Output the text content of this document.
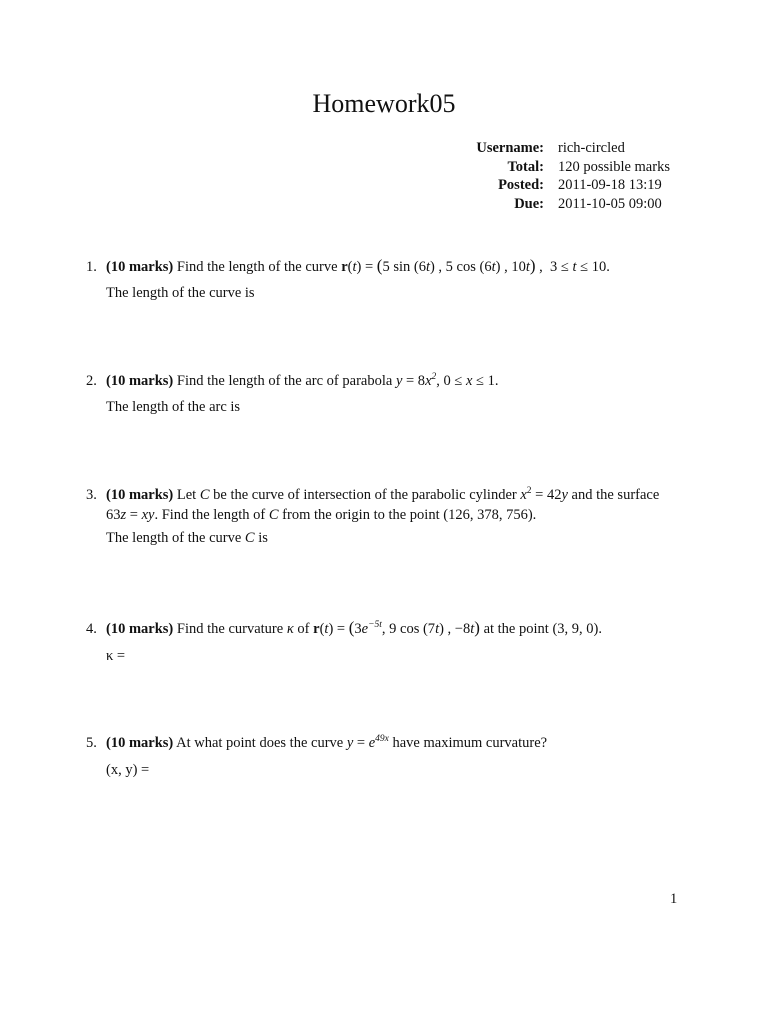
Homework05
Username:	rich-circled
Total:	120 possible marks
Posted:	2011-09-18 13:19
Due:	2011-10-05 09:00
1. (10 marks) Find the length of the curve r(t) = (5 sin (6t) , 5 cos (6t) , 10t) ,  3 ≤ t ≤ 10.
The length of the curve is
2. (10 marks) Find the length of the arc of parabola $y = 8x^2$, 0 ≤ x ≤ 1.
The length of the arc is
3. (10 marks) Let C be the curve of intersection of the parabolic cylinder $x^2 = 42y$ and the surface
63z = xy. Find the length of C from the origin to the point (126, 378, 756).
The length of the curve C is
4. (10 marks) Find the curvature κ of $r(t) = (3e^{-5t}$, 9 cos (7t) , −8t) at the point (3, 9, 0).
κ =
5. (10 marks) At what point does the curve $y = e^{49x}$ have maximum curvature?
(x, y) =
1
